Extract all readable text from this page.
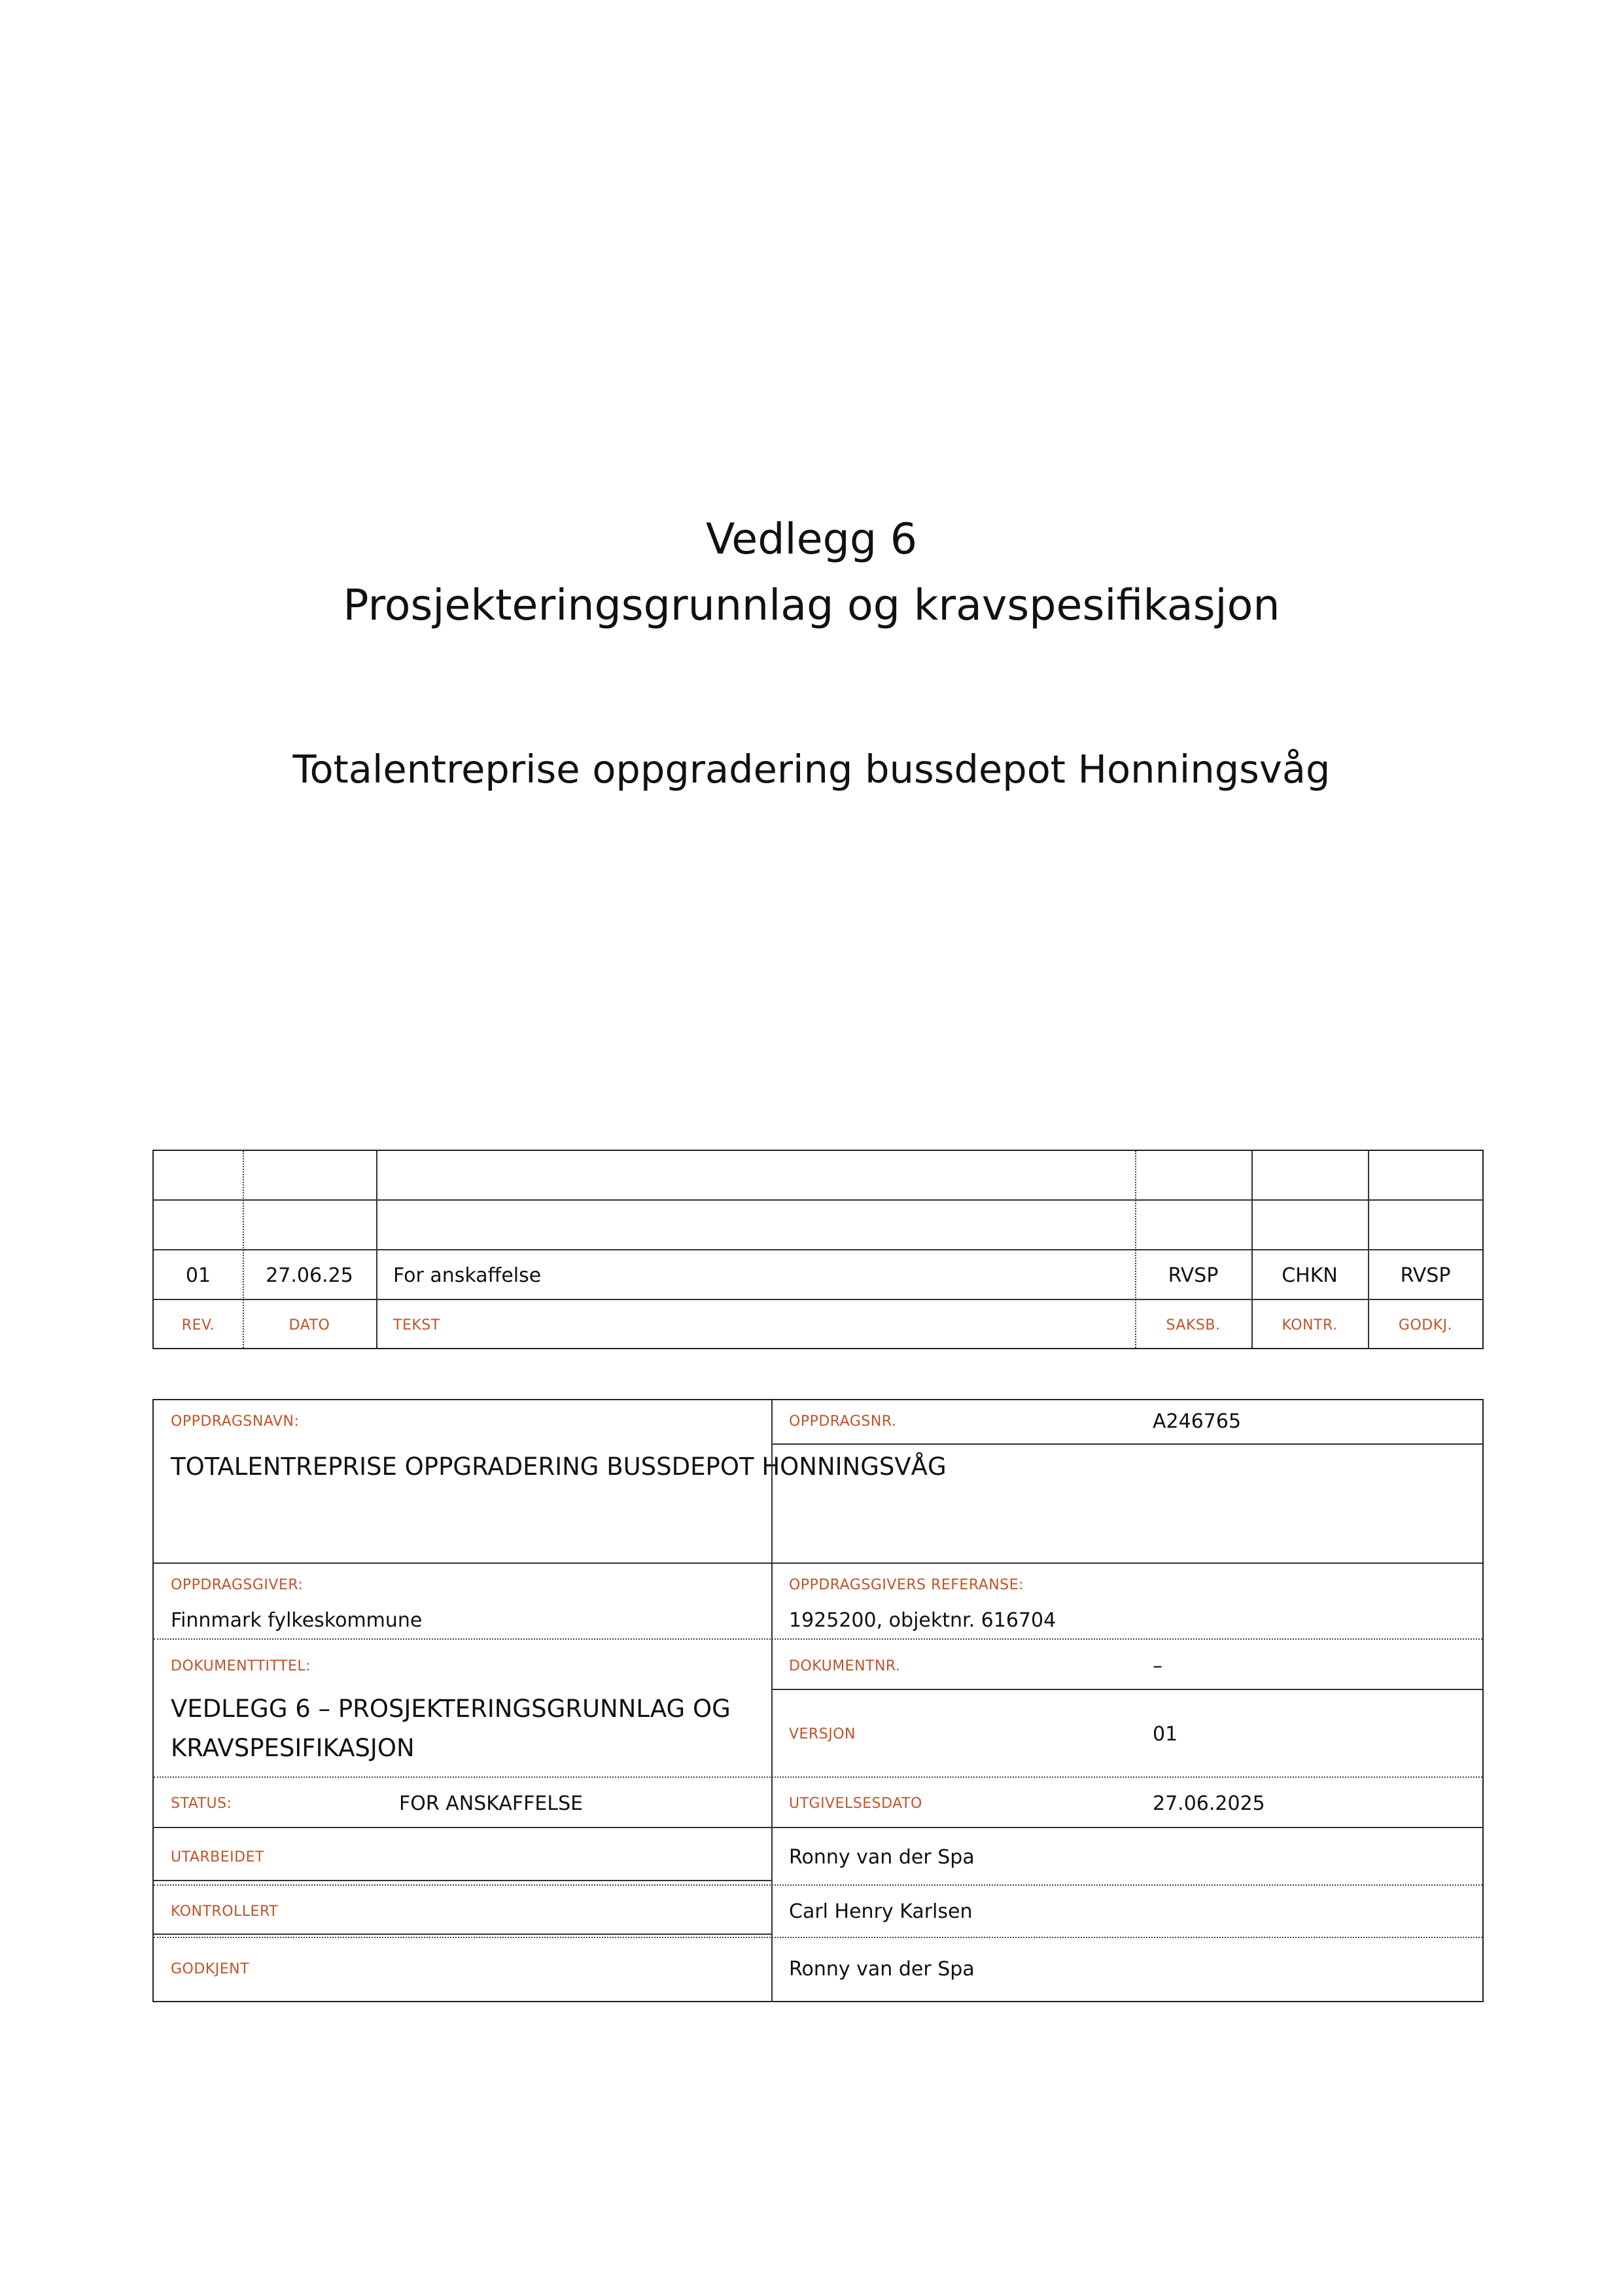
Vedlegg 6
Prosjekteringsgrunnlag og kravspesifikasjon
Totalentreprise oppgradering bussdepot Honningsvåg
01	27.06.25	For anskaffelse	RVSP	CHKN	RVSP
REV.	DATO	TEKST	SAKSB.	KONTR.	GODKJ.
OPPDRAGSNAVN:
TOTALENTREPRISE OPPGRADERING BUSSDEPOT HONNINGSVÅG
OPPDRAGSNR.	A246765
OPPDRAGSGIVER:
Finnmark fylkeskommune
OPPDRAGSGIVERS REFERANSE:
1925200, objektnr. 616704
DOKUMENTTITTEL:
VEDLEGG 6 – PROSJEKTERINGSGRUNNLAG OG
KRAVSPESIFIKASJON
DOKUMENTNR.	–
VERSJON	01
STATUS:	FOR ANSKAFFELSE	UTGIVELSESDATO	27.06.2025
UTARBEIDET	Ronny van der Spa
KONTROLLERT	Carl Henry Karlsen
GODKJENT	Ronny van der Spa
